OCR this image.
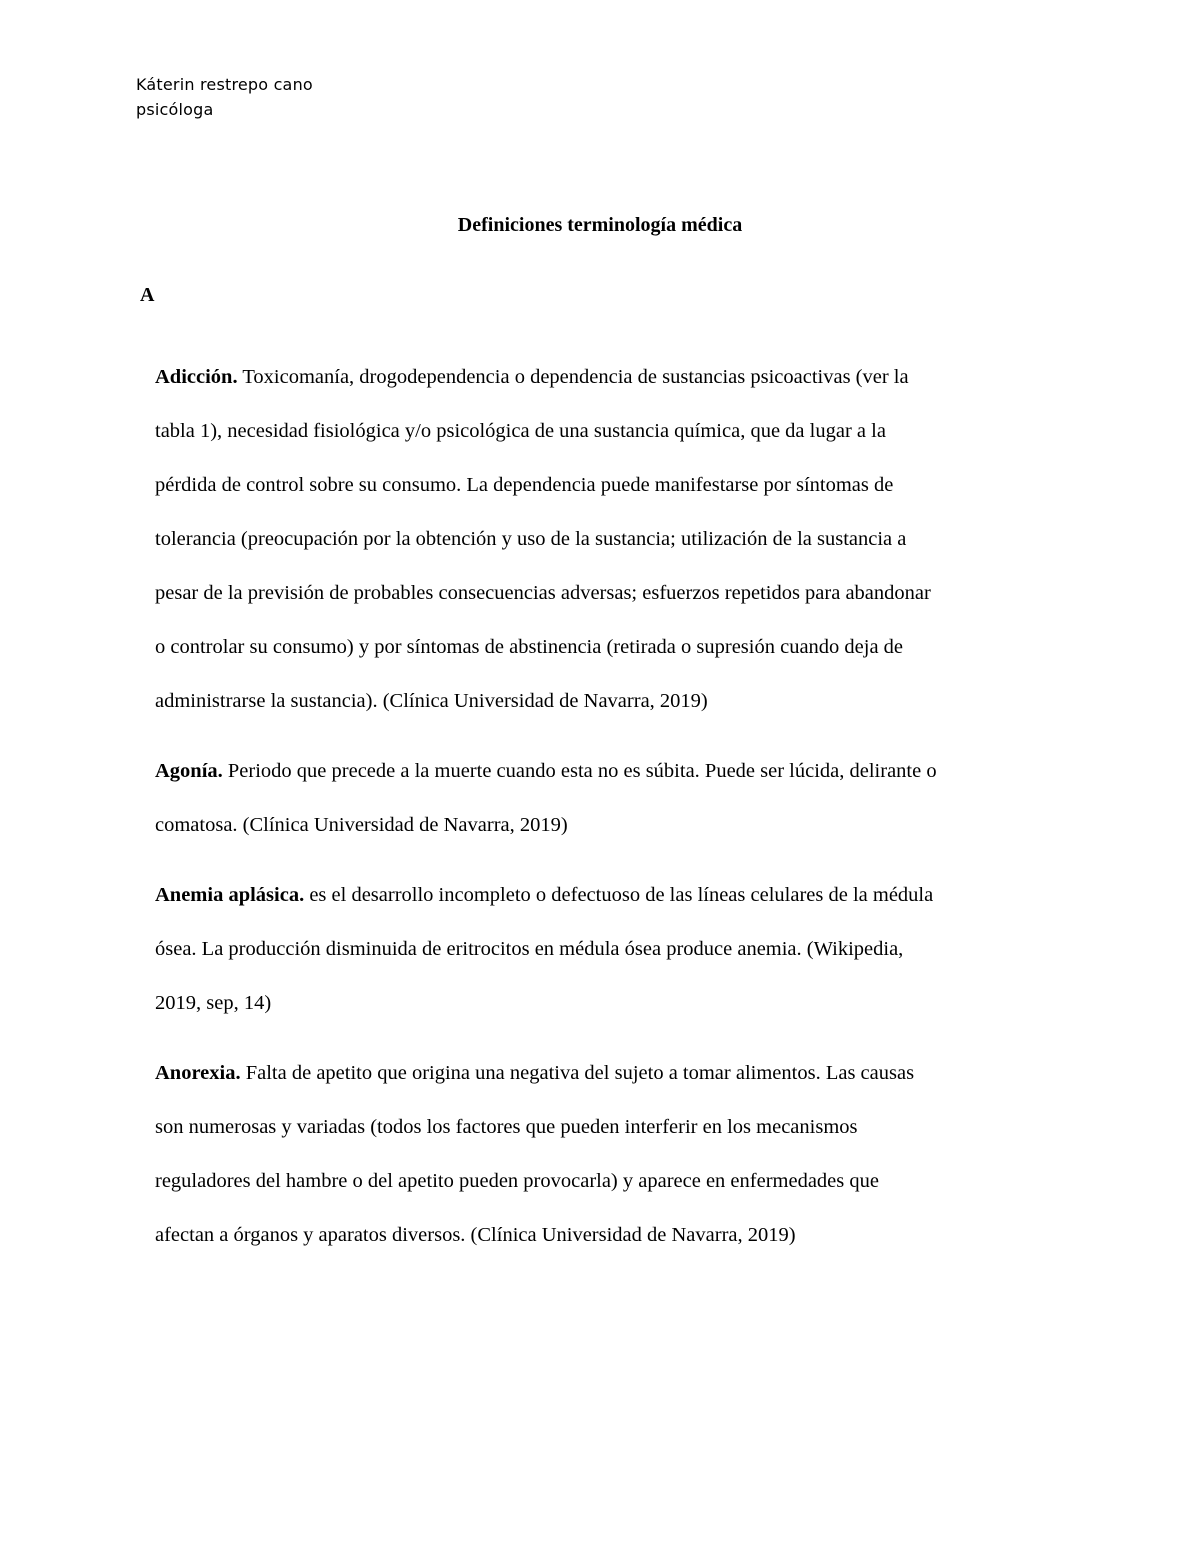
Káterin restrepo cano
psicóloga
Definiciones terminología médica
A
Adicción. Toxicomanía, drogodependencia o dependencia de sustancias psicoactivas (ver la
tabla 1), necesidad fisiológica y/o psicológica de una sustancia química, que da lugar a la
pérdida de control sobre su consumo. La dependencia puede manifestarse por síntomas de
tolerancia (preocupación por la obtención y uso de la sustancia; utilización de la sustancia a
pesar de la previsión de probables consecuencias adversas; esfuerzos repetidos para abandonar
o controlar su consumo) y por síntomas de abstinencia (retirada o supresión cuando deja de
administrarse la sustancia). (Clínica Universidad de Navarra, 2019)
Agonía. Periodo que precede a la muerte cuando esta no es súbita. Puede ser lúcida, delirante o
comatosa. (Clínica Universidad de Navarra, 2019)
Anemia aplásica. es el desarrollo incompleto o defectuoso de las líneas celulares de la médula
ósea. La producción disminuida de eritrocitos en médula ósea produce anemia. (Wikipedia,
2019, sep, 14)
Anorexia. Falta de apetito que origina una negativa del sujeto a tomar alimentos. Las causas
son numerosas y variadas (todos los factores que pueden interferir en los mecanismos
reguladores del hambre o del apetito pueden provocarla) y aparece en enfermedades que
afectan a órganos y aparatos diversos. (Clínica Universidad de Navarra, 2019)
